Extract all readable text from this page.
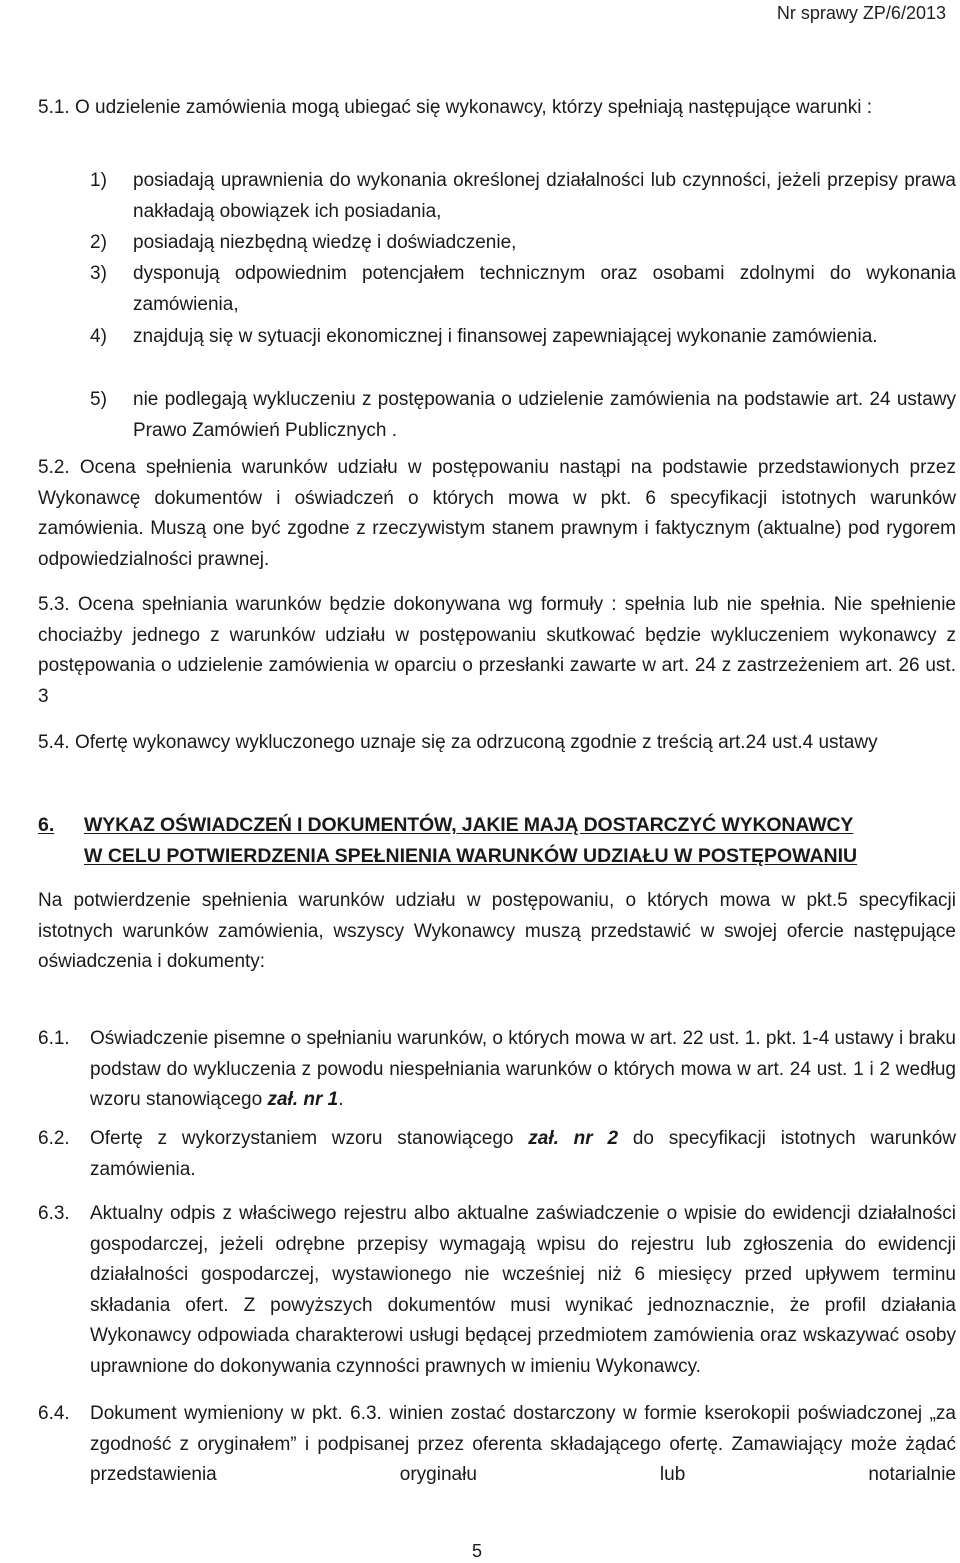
Nr sprawy ZP/6/2013
5.1. O udzielenie zamówienia mogą ubiegać się wykonawcy, którzy spełniają następujące warunki :
1) posiadają uprawnienia do wykonania określonej działalności lub czynności, jeżeli przepisy prawa nakładają obowiązek ich posiadania,
2) posiadają niezbędną wiedzę i doświadczenie,
3) dysponują odpowiednim potencjałem technicznym oraz osobami zdolnymi do wykonania zamówienia,
4) znajdują się w sytuacji ekonomicznej i finansowej zapewniającej wykonanie zamówienia.
5) nie podlegają wykluczeniu z postępowania o udzielenie zamówienia na podstawie art. 24 ustawy Prawo Zamówień Publicznych .
5.2. Ocena spełnienia warunków udziału w postępowaniu nastąpi na podstawie przedstawionych przez Wykonawcę dokumentów i oświadczeń o których mowa w pkt. 6 specyfikacji istotnych warunków zamówienia. Muszą one być zgodne z rzeczywistym stanem prawnym i faktycznym (aktualne) pod rygorem odpowiedzialności prawnej.
5.3. Ocena spełniania warunków będzie dokonywana wg formuły : spełnia lub nie spełnia. Nie spełnienie chociażby jednego z warunków udziału w postępowaniu skutkować będzie wykluczeniem wykonawcy z postępowania o udzielenie zamówienia w oparciu o przesłanki zawarte w art. 24 z zastrzeżeniem art. 26 ust. 3
5.4. Ofertę wykonawcy wykluczonego uznaje się za odrzuconą zgodnie z treścią art.24 ust.4 ustawy
6. WYKAZ OŚWIADCZEŃ I DOKUMENTÓW, JAKIE MAJĄ DOSTARCZYĆ WYKONAWCY
W CELU POTWIERDZENIA SPEŁNIENIA WARUNKÓW UDZIAŁU W POSTĘPOWANIU
Na potwierdzenie spełnienia warunków udziału w postępowaniu, o których mowa w pkt.5 specyfikacji istotnych warunków zamówienia, wszyscy Wykonawcy muszą przedstawić w swojej ofercie następujące oświadczenia i dokumenty:
6.1. Oświadczenie pisemne o spełnianiu warunków, o których mowa w art. 22 ust. 1. pkt. 1-4 ustawy i braku podstaw do wykluczenia z powodu niespełniania warunków o których mowa w art. 24 ust. 1 i 2 według wzoru stanowiącego zał. nr 1.
6.2. Ofertę z wykorzystaniem wzoru stanowiącego zał. nr 2 do specyfikacji istotnych warunków zamówienia.
6.3. Aktualny odpis z właściwego rejestru albo aktualne zaświadczenie o wpisie do ewidencji działalności gospodarczej, jeżeli odrębne przepisy wymagają wpisu do rejestru lub zgłoszenia do ewidencji działalności gospodarczej, wystawionego nie wcześniej niż 6 miesięcy przed upływem terminu składania ofert. Z powyższych dokumentów musi wynikać jednoznacznie, że profil działania Wykonawcy odpowiada charakterowi usługi będącej przedmiotem zamówienia oraz wskazywać osoby uprawnione do dokonywania czynności prawnych w imieniu Wykonawcy.
6.4. Dokument wymieniony w pkt. 6.3. winien zostać dostarczony w formie kserokopii poświadczonej „za zgodność z oryginałem” i podpisanej przez oferenta składającego ofertę. Zamawiający może żądać przedstawienia oryginału lub notarialnie
5
